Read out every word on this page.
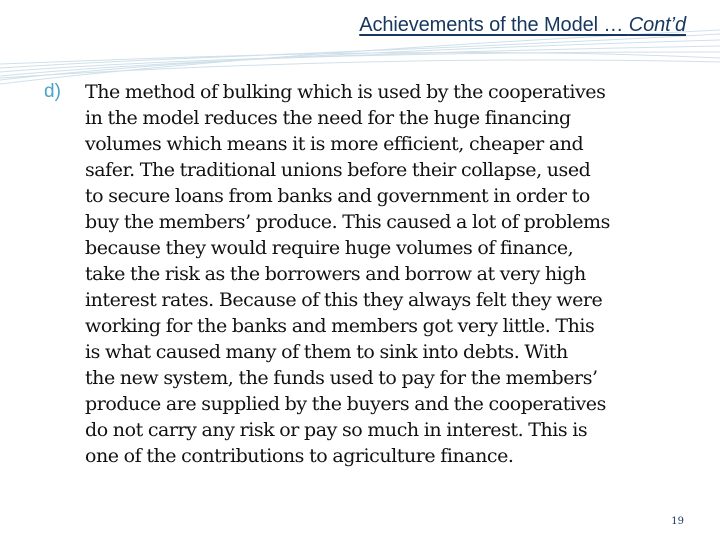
Achievements of the Model … Cont’d
d) The method of bulking which is used by the cooperatives
in the model reduces the need for the huge financing
volumes which means it is more efficient, cheaper and
safer. The traditional unions before their collapse, used
to secure loans from banks and government in order to
buy the members’ produce. This caused a lot of problems
because they would require huge volumes of finance,
take the risk as the borrowers and borrow at very high
interest rates. Because of this they always felt they were
working for the banks and members got very little. This
is what caused many of them to sink into debts. With
the new system, the funds used to pay for the members’
produce are supplied by the buyers and the cooperatives
do not carry any risk or pay so much in interest. This is
one of the contributions to agriculture finance.
19
